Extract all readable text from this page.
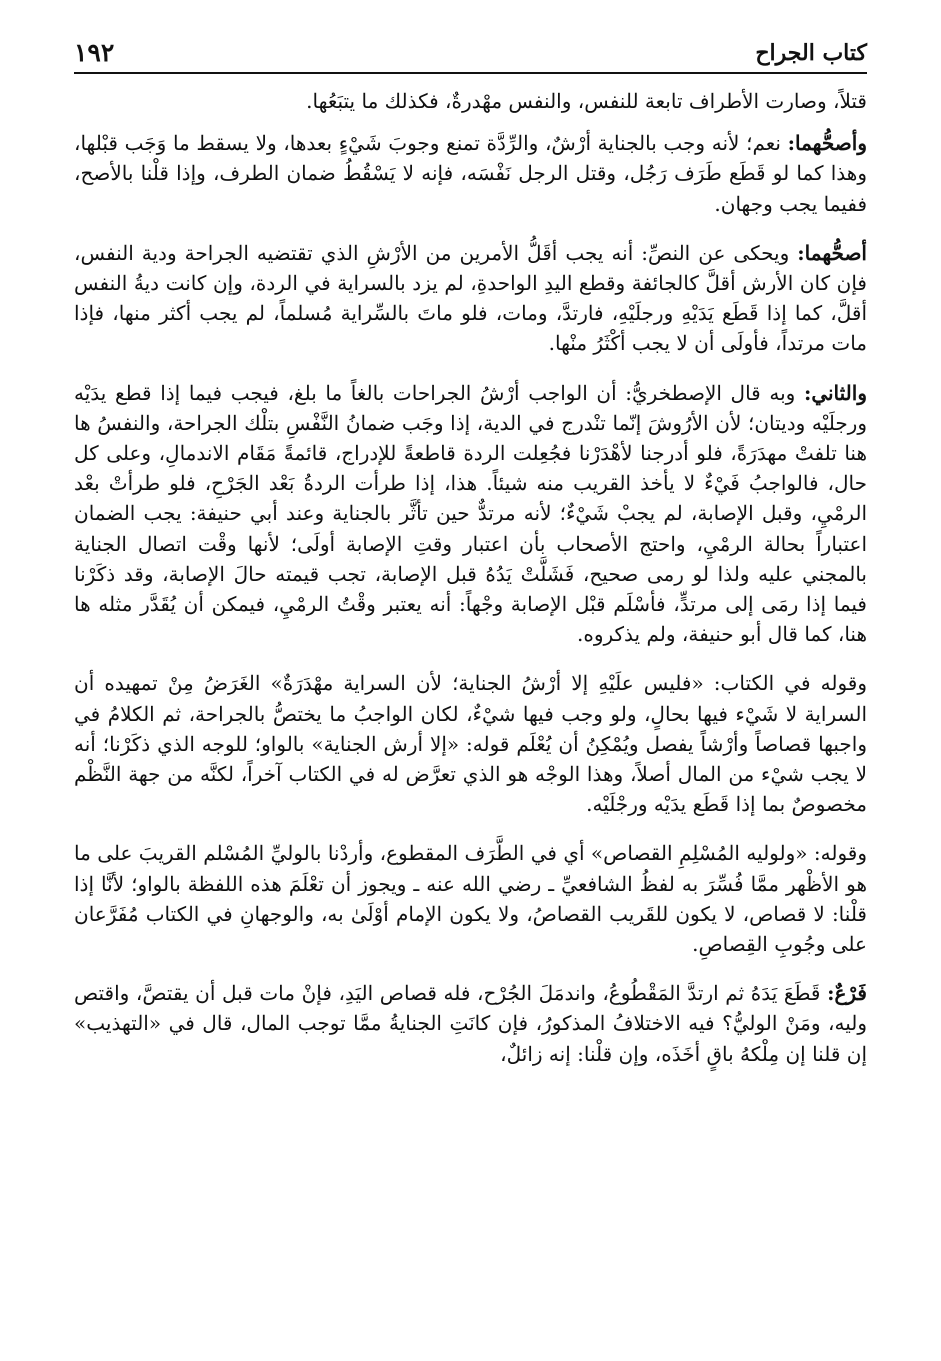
١٩٢	كتاب الجراح

قتلاً، وصارت الأطراف تابعة للنفس، والنفس مهْدرةٌ، فكذلك ما يتبَعُها.

وأصحُّهما: نعم؛ لأنه وجب بالجناية أرْشٌ، والرِّدَّة تمنع وجوبَ شَيْءٍ بعدها، ولا يسقط ما وَجَب قبْلها، وهذا كما لو قَطَع طَرَف رَجُل، وقتل الرجل نَفْسَه، فإنه لا يَسْقُطُ ضمان الطرف، وإذا قلْنا بالأصح، ففيما يجب وجهان.

أصحُّهما: ويحكى عن النصِّ: أنه يجب أقَلُّ الأمرين من الأرْشِ الذي تقتضيه الجراحة ودية النفس، فإن كان الأرش أقلَّ كالجائفة وقطع اليدِ الواحدةِ، لم يزد بالسراية في الردة، وإن كانت ديةُ النفس أقلَّ، كما إذا قَطَع يَدَيْهِ ورجلَيْهِ، فارتدَّ، ومات، فلو ماتَ بالسِّراية مُسلماً، لم يجب أكثر منها، فإذا مات مرتداً، فأولَى أن لا يجب أكْثَرُ منْها.

والثاني: وبه قال الإصطخريُّ: أن الواجب أرْشُ الجراحات بالغاً ما بلغ، فيجب فيما إذا قطع يدَيْه ورجلَيْه وديتان؛ لأن الأرُوشَ إنّما تنْدرج في الدية، إذا وجَب ضمانُ النَّفْسِ بتلْك الجراحة، والنفسُ ها هنا تلفتْ مهدَرَةً، فلو أدرجنا لأهْدَرْنا فجُعِلت الردة قاطعةً للإدراج، قائمةً مَقَام الاندمالِ، وعلى كل حال، فالواجبُ فَيْءٌ لا يأخذ القريب منه شيئاً. هذا، إذا طرأت الردةُ بَعْد الجَرْحِ، فلو طرأتْ بعْد الرمْيِ، وقبل الإصابة، لم يجبْ شَيْءٌ؛ لأنه مرتدٌّ حين تأثَّر بالجناية وعند أبي حنيفة: يجب الضمان اعتباراً بحالة الرمْيِ، واحتج الأصحاب بأن اعتبار وقتِ الإصابة أولَى؛ لأنها وقْت اتصال الجناية بالمجني عليه ولذا لو رمى صحيح، فَشَلَّتْ يَدُهُ قبل الإصابة، تجب قيمته حالَ الإصابة، وقد ذكَرْنا فيما إذا رمَى إلى مرتدٍّ، فأسْلَم قبْل الإصابة وجْهاً: أنه يعتبر وقْتُ الرمْيِ، فيمكن أن يُقَدَّر مثله ها هنا، كما قال أبو حنيفة، ولم يذكروه.

وقوله في الكتاب: «فليس علَيْهِ إلا أرْشُ الجناية؛ لأن السراية مهْدَرَةٌ» الغَرَضُ مِنْ تمهيده أن السراية لا شَيْء فيها بحالٍ، ولو وجب فيها شيْءٌ، لكان الواجبُ ما يختصُّ بالجراحة، ثم الكلامُ في واجبها قصاصاً وأرْشاً يفصل ويُمْكِنُ أن يُعْلَم قوله: «إلا أرش الجناية» بالواو؛ للوجه الذي ذكَرْنا؛ أنه لا يجب شيْء من المال أصلاً، وهذا الوجْه هو الذي تعرَّض له في الكتاب آخراً، لكنَّه من جهة النَّظْم مخصوصٌ بما إذا قَطَع يدَيْه ورجْلَيْه.

وقوله: «ولوليه المُسْلِمِ القصاص» أي في الطَّرَف المقطوع، وأردْنا بالوليِّ المُسْلم القريبَ على ما هو الأظْهر ممَّا فُسِّرَ به لفظُ الشافعيِّ ـ رضي الله عنه ـ ويجوز أن تعْلَمَ هذه اللفظة بالواو؛ لأنَّا إذا قلْنا: لا قصاص، لا يكون للقَريب القصاصُ، ولا يكون الإمام أوْلَىٰ به، والوجهانِ في الكتاب مُفَرَّعان على وجُوبِ القِصاصِ.

فَرْعٌ: قَطَعَ يَدَهُ ثم ارتدَّ المَقْطُوعُ، واندمَلَ الجُرْح، فله قصاص اليَدِ، فإنْ مات قبل أن يقتصَّ، واقتص وليه، ومَنْ الوليُّ؟ فيه الاختلافُ المذكورُ، فإن كانَتِ الجنايةُ ممَّا توجب المال، قال في «التهذيب» إن قلنا إن مِلْكهُ باقٍ أخَذَه، وإن قلْنا: إنه زائلٌ،
